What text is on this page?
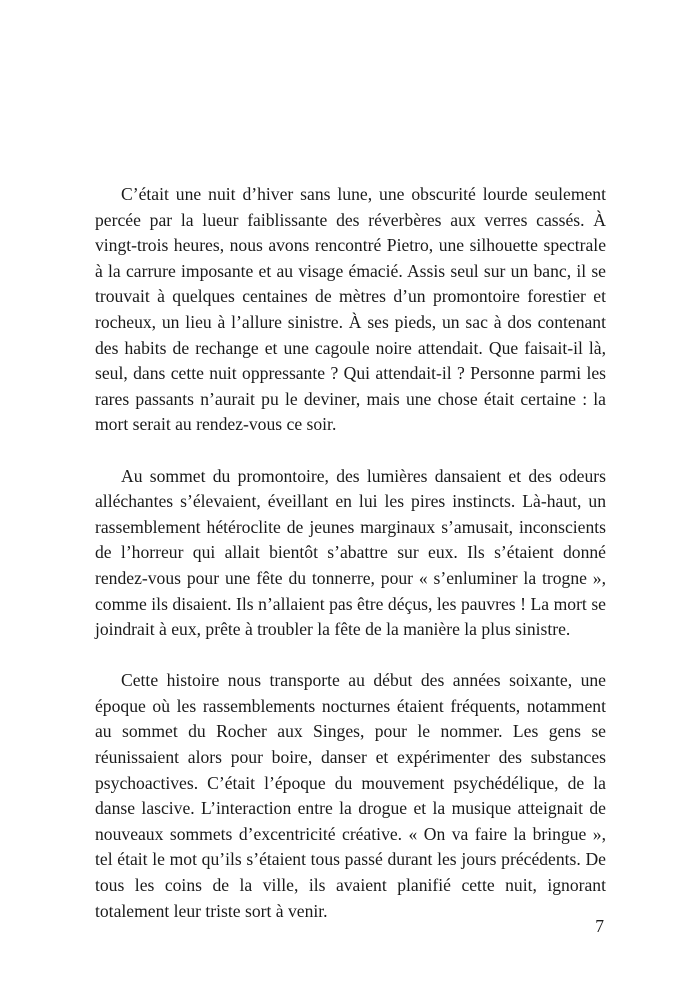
C’était une nuit d’hiver sans lune, une obscurité lourde seulement percée par la lueur faiblissante des réverbères aux verres cassés. À vingt-trois heures, nous avons rencontré Pietro, une silhouette spectrale à la carrure imposante et au visage émacié. Assis seul sur un banc, il se trouvait à quelques centaines de mètres d’un promontoire forestier et rocheux, un lieu à l’allure sinistre. À ses pieds, un sac à dos contenant des habits de rechange et une cagoule noire attendait. Que faisait-il là, seul, dans cette nuit oppressante ? Qui attendait-il ? Personne parmi les rares passants n’aurait pu le deviner, mais une chose était certaine : la mort serait au rendez-vous ce soir.

Au sommet du promontoire, des lumières dansaient et des odeurs alléchantes s’élevaient, éveillant en lui les pires instincts. Là-haut, un rassemblement hétéroclite de jeunes marginaux s’amusait, inconscients de l’horreur qui allait bientôt s’abattre sur eux. Ils s’étaient donné rendez-vous pour une fête du tonnerre, pour « s’enluminer la trogne », comme ils disaient. Ils n’allaient pas être déçus, les pauvres ! La mort se joindrait à eux, prête à troubler la fête de la manière la plus sinistre.

Cette histoire nous transporte au début des années soixante, une époque où les rassemblements nocturnes étaient fréquents, notamment au sommet du Rocher aux Singes, pour le nommer. Les gens se réunissaient alors pour boire, danser et expérimenter des substances psychoactives. C’était l’époque du mouvement psychédélique, de la danse lascive. L’interaction entre la drogue et la musique atteignait de nouveaux sommets d’excentricité créative. « On va faire la bringue », tel était le mot qu’ils s’étaient tous passé durant les jours précédents. De tous les coins de la ville, ils avaient planifié cette nuit, ignorant totalement leur triste sort à venir.

7
